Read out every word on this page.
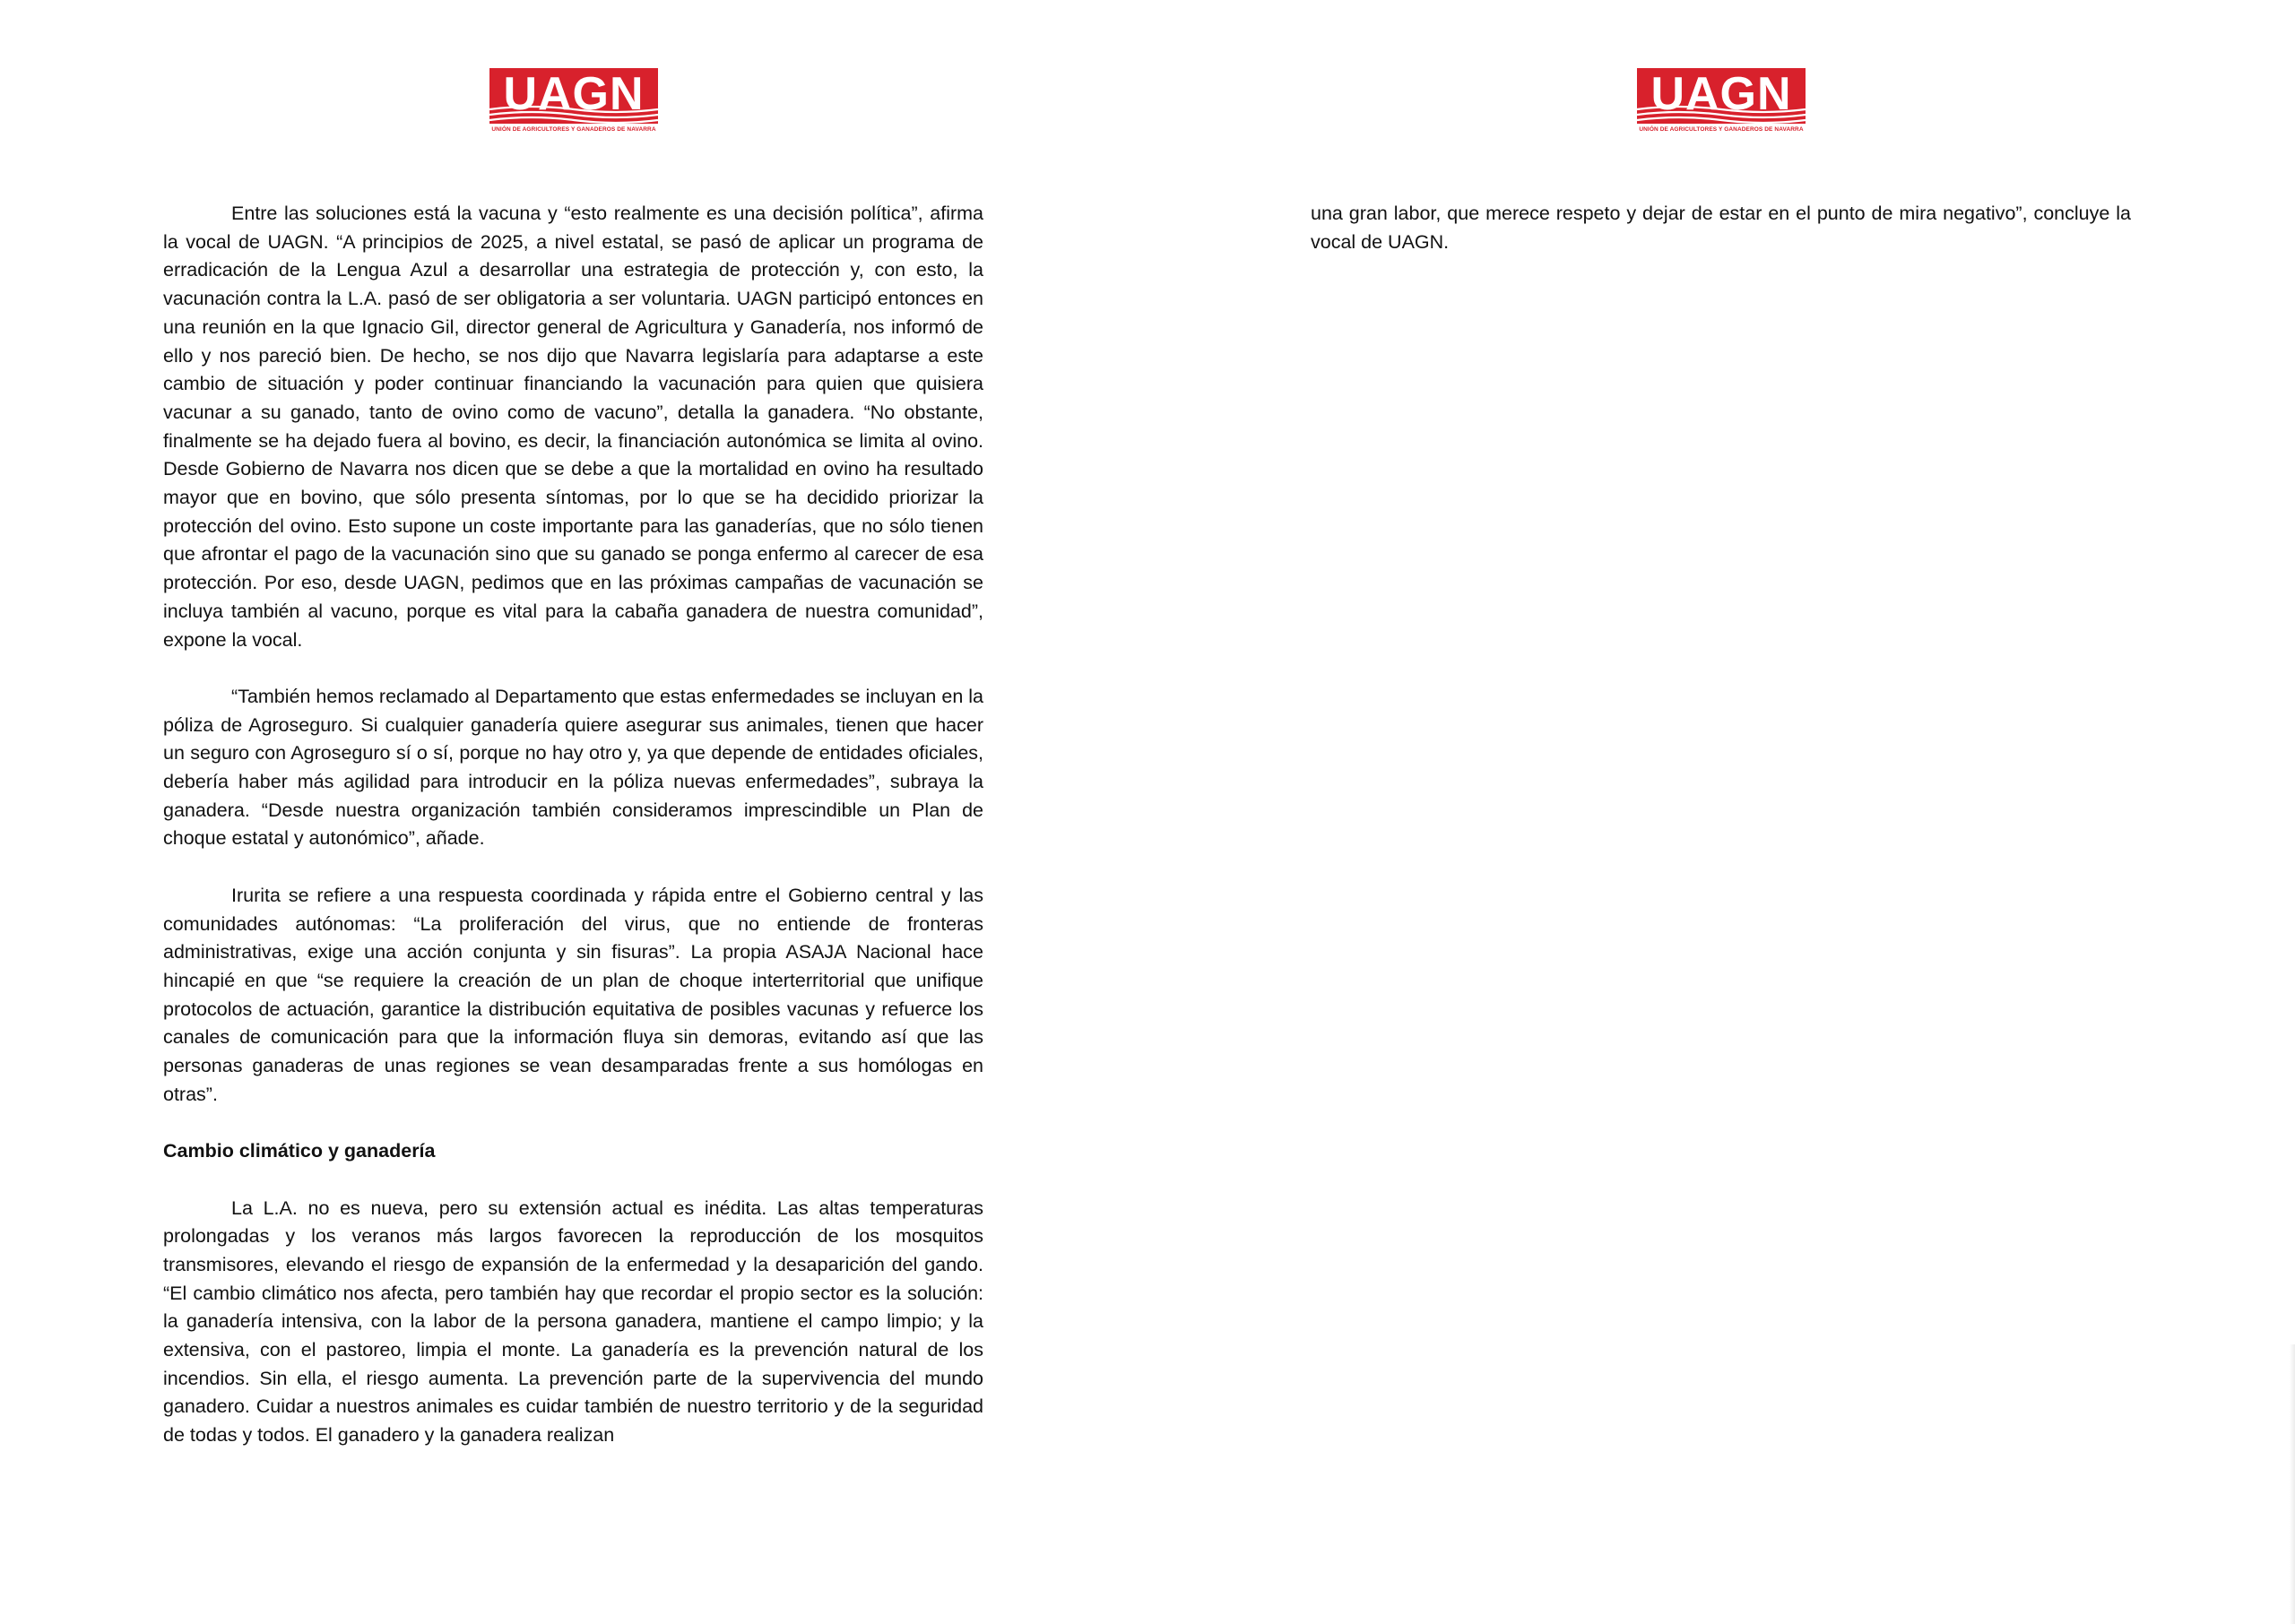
UAGN
UNIÓN DE AGRICULTORES Y GANADEROS DE NAVARRA

Entre las soluciones está la vacuna y “esto realmente es una decisión política”, afirma la vocal de UAGN. “A principios de 2025, a nivel estatal, se pasó de aplicar un programa de erradicación de la Lengua Azul a desarrollar una estrategia de protección y, con esto, la vacunación contra la L.A. pasó de ser obligatoria a ser voluntaria. UAGN participó entonces en una reunión en la que Ignacio Gil, director general de Agricultura y Ganadería, nos informó de ello y nos pareció bien. De hecho, se nos dijo que Navarra legislaría para adaptarse a este cambio de situación y poder continuar financiando la vacunación para quien que quisiera vacunar a su ganado, tanto de ovino como de vacuno”, detalla la ganadera. “No obstante, finalmente se ha dejado fuera al bovino, es decir, la financiación autonómica se limita al ovino. Desde Gobierno de Navarra nos dicen que se debe a que la mortalidad en ovino ha resultado mayor que en bovino, que sólo presenta síntomas, por lo que se ha decidido priorizar la protección del ovino. Esto supone un coste importante para las ganaderías, que no sólo tienen que afrontar el pago de la vacunación sino que su ganado se ponga enfermo al carecer de esa protección. Por eso, desde UAGN, pedimos que en las próximas campañas de vacunación se incluya también al vacuno, porque es vital para la cabaña ganadera de nuestra comunidad”, expone la vocal.

“También hemos reclamado al Departamento que estas enfermedades se incluyan en la póliza de Agroseguro. Si cualquier ganadería quiere asegurar sus animales, tienen que hacer un seguro con Agroseguro sí o sí, porque no hay otro y, ya que depende de entidades oficiales, debería haber más agilidad para introducir en la póliza nuevas enfermedades”, subraya la ganadera. “Desde nuestra organización también consideramos imprescindible un Plan de choque estatal y autonómico”, añade.

Irurita se refiere a una respuesta coordinada y rápida entre el Gobierno central y las comunidades autónomas: “La proliferación del virus, que no entiende de fronteras administrativas, exige una acción conjunta y sin fisuras”. La propia ASAJA Nacional hace hincapié en que “se requiere la creación de un plan de choque interterritorial que unifique protocolos de actuación, garantice la distribución equitativa de posibles vacunas y refuerce los canales de comunicación para que la información fluya sin demoras, evitando así que las personas ganaderas de unas regiones se vean desamparadas frente a sus homólogas en otras”.

Cambio climático y ganadería

La L.A. no es nueva, pero su extensión actual es inédita. Las altas temperaturas prolongadas y los veranos más largos favorecen la reproducción de los mosquitos transmisores, elevando el riesgo de expansión de la enfermedad y la desaparición del gando. “El cambio climático nos afecta, pero también hay que recordar el propio sector es la solución: la ganadería intensiva, con la labor de la persona ganadera, mantiene el campo limpio; y la extensiva, con el pastoreo, limpia el monte. La ganadería es la prevención natural de los incendios. Sin ella, el riesgo aumenta. La prevención parte de la supervivencia del mundo ganadero. Cuidar a nuestros animales es cuidar también de nuestro territorio y de la seguridad de todas y todos. El ganadero y la ganadera realizan

UAGN
UNIÓN DE AGRICULTORES Y GANADEROS DE NAVARRA

una gran labor, que merece respeto y dejar de estar en el punto de mira negativo”, concluye la vocal de UAGN.
